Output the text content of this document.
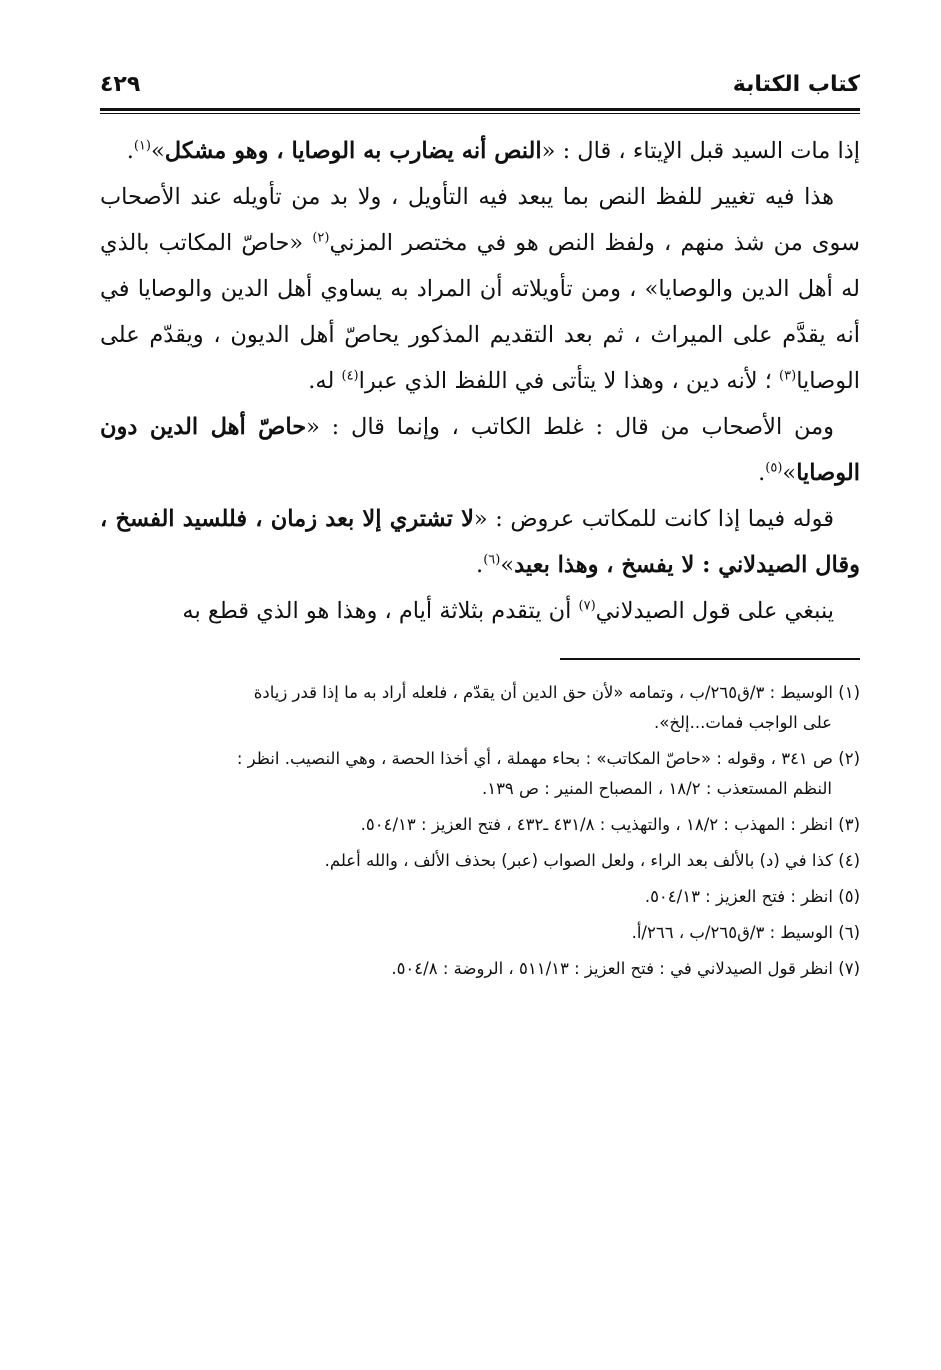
كتاب الكتابة
٤٢٩

إذا مات السيد قبل الإيتاء ، قال : «النص أنه يضارب به الوصايا ، وهو مشكل»$^{(١)}$.

هذا فيه تغيير للفظ النص بما يبعد فيه التأويل ، ولا بد من تأويله عند الأصحاب سوى من شذ منهم ، ولفظ النص هو في مختصر المزني$^{(٢)}$ «حاصّ المكاتب بالذي له أهل الدين والوصايا» ، ومن تأويلاته أن المراد به يساوي أهل الدين والوصايا في أنه يقدَّم على الميراث ، ثم بعد التقديم المذكور يحاصّ أهل الديون ، ويقدّم على الوصايا$^{(٣)}$ ؛ لأنه دين ، وهذا لا يتأتى في اللفظ الذي عبرا$^{(٤)}$ له.

ومن الأصحاب من قال : غلط الكاتب ، وإنما قال : «حاصّ أهل الدين دون الوصايا»$^{(٥)}$.

قوله فيما إذا كانت للمكاتب عروض : «لا تشتري إلا بعد زمان ، فللسيد الفسخ ، وقال الصيدلاني : لا يفسخ ، وهذا بعيد»$^{(٦)}$.

ينبغي على قول الصيدلاني$^{(٧)}$ أن يتقدم بثلاثة أيام ، وهذا هو الذي قطع به

(١) الوسيط : ٣/ق٢٦٥/ب ، وتمامه «لأن حق الدين أن يقدّم ، فلعله أراد به ما إذا قدر زيادة
على الواجب فمات...إلخ».
(٢) ص ٣٤١ ، وقوله : «حاصّ المكاتب» : بحاء مهملة ، أي أخذا الحصة ، وهي النصيب. انظر :
النظم المستعذب : ١٨/٢ ، المصباح المنير : ص ١٣٩.
(٣) انظر : المهذب : ١٨/٢ ، والتهذيب : ٤٣١/٨ ـ٤٣٢ ، فتح العزيز : ٥٠٤/١٣.
(٤) كذا في (د) بالألف بعد الراء ، ولعل الصواب (عبر) بحذف الألف ، والله أعلم.
(٥) انظر : فتح العزيز : ٥٠٤/١٣.
(٦) الوسيط : ٣/ق٢٦٥/ب ، ٢٦٦/أ.
(٧) انظر قول الصيدلاني في : فتح العزيز : ٥١١/١٣ ، الروضة : ٥٠٤/٨.
